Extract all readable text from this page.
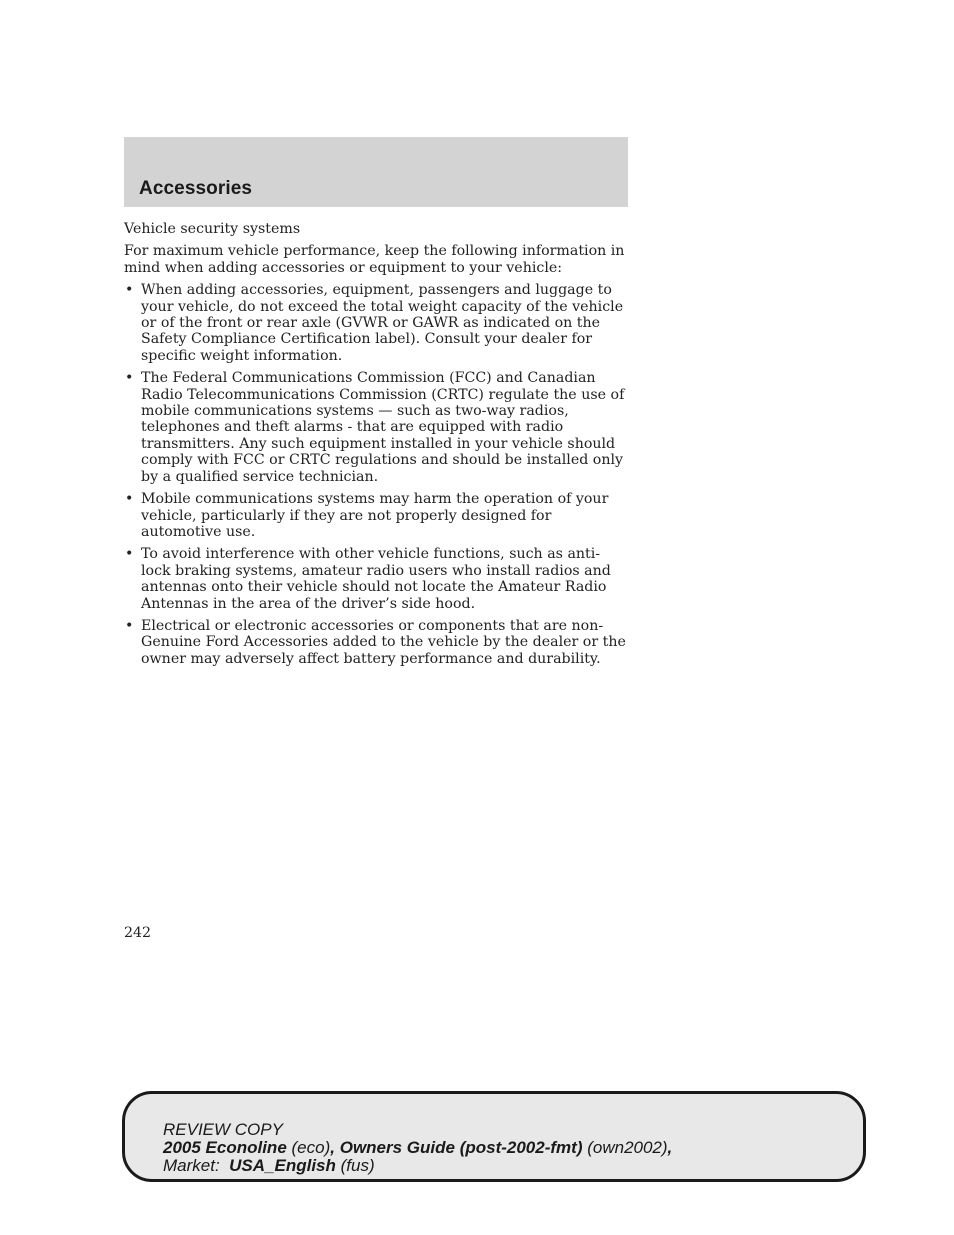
Accessories

Vehicle security systems

For maximum vehicle performance, keep the following information in mind when adding accessories or equipment to your vehicle:

• When adding accessories, equipment, passengers and luggage to your vehicle, do not exceed the total weight capacity of the vehicle or of the front or rear axle (GVWR or GAWR as indicated on the Safety Compliance Certification label). Consult your dealer for specific weight information.
• The Federal Communications Commission (FCC) and Canadian Radio Telecommunications Commission (CRTC) regulate the use of mobile communications systems — such as two-way radios, telephones and theft alarms - that are equipped with radio transmitters. Any such equipment installed in your vehicle should comply with FCC or CRTC regulations and should be installed only by a qualified service technician.
• Mobile communications systems may harm the operation of your vehicle, particularly if they are not properly designed for automotive use.
• To avoid interference with other vehicle functions, such as anti-lock braking systems, amateur radio users who install radios and antennas onto their vehicle should not locate the Amateur Radio Antennas in the area of the driver’s side hood.
• Electrical or electronic accessories or components that are non-Genuine Ford Accessories added to the vehicle by the dealer or the owner may adversely affect battery performance and durability.
242
REVIEW COPY
2005 Econoline (eco), Owners Guide (post-2002-fmt) (own2002),
Market: USA_English (fus)
